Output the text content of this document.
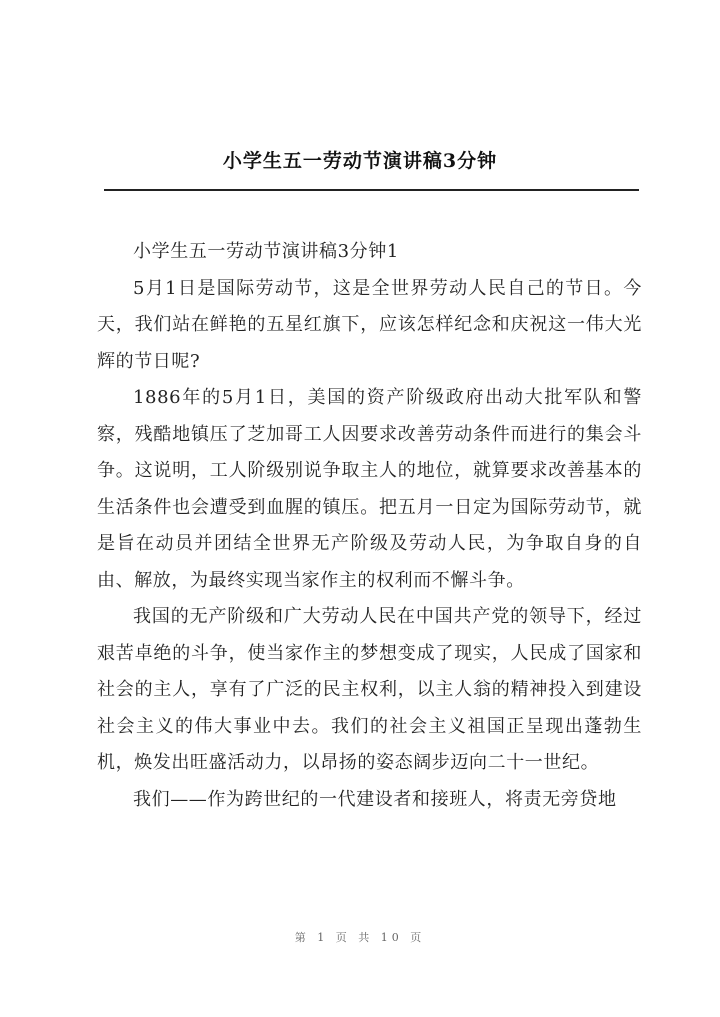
小学生五一劳动节演讲稿3分钟

小学生五一劳动节演讲稿3分钟1

5月1日是国际劳动节，这是全世界劳动人民自己的节日。今天，我们站在鲜艳的五星红旗下，应该怎样纪念和庆祝这一伟大光辉的节日呢?

1886年的5月1日，美国的资产阶级政府出动大批军队和警察，残酷地镇压了芝加哥工人因要求改善劳动条件而进行的集会斗争。这说明，工人阶级别说争取主人的地位，就算要求改善基本的生活条件也会遭受到血腥的镇压。把五月一日定为国际劳动节，就是旨在动员并团结全世界无产阶级及劳动人民，为争取自身的自由、解放，为最终实现当家作主的权利而不懈斗争。

我国的无产阶级和广大劳动人民在中国共产党的领导下，经过艰苦卓绝的斗争，使当家作主的梦想变成了现实，人民成了国家和社会的主人，享有了广泛的民主权利，以主人翁的精神投入到建设社会主义的伟大事业中去。我们的社会主义祖国正呈现出蓬勃生机，焕发出旺盛活动力，以昂扬的姿态阔步迈向二十一世纪。

我们——作为跨世纪的一代建设者和接班人，将责无旁贷地

第 1 页 共 10 页
